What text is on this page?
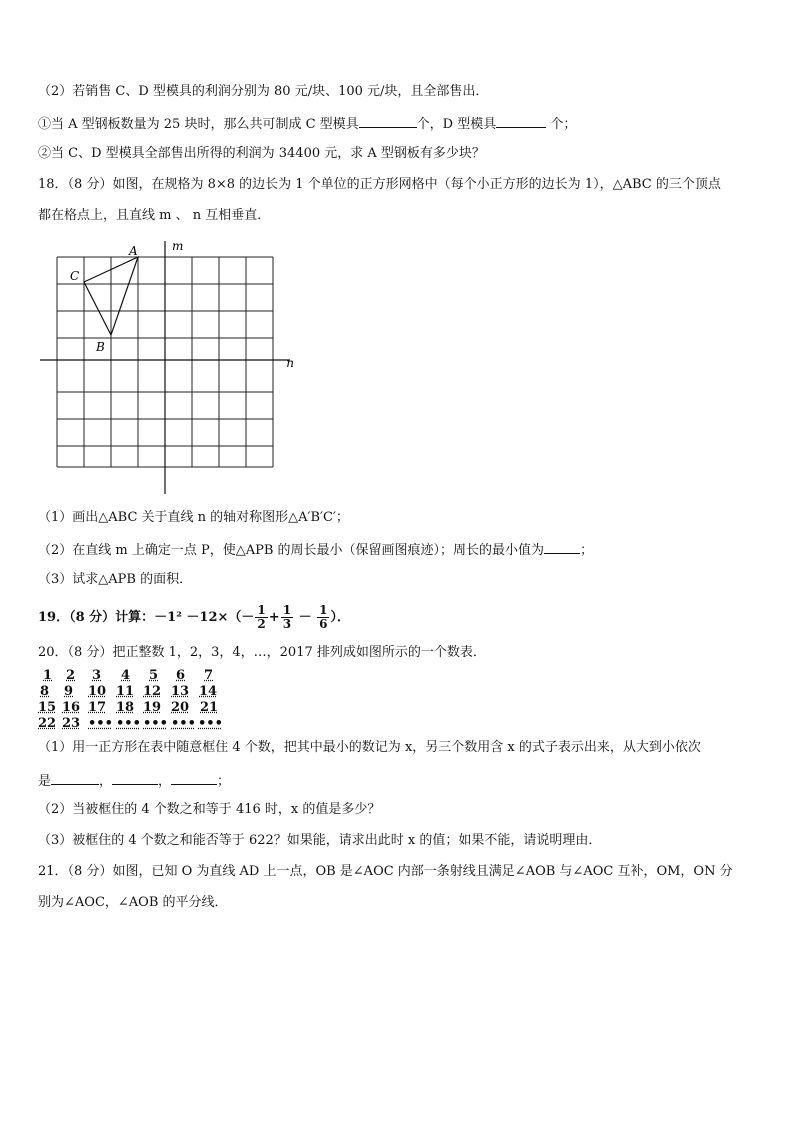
（2）若销售 C、D 型模具的利润分别为 80 元/块、100 元/块，且全部售出．
①当 A 型钢板数量为 25 块时，那么共可制成 C 型模具	个，D 型模具	个；
②当 C、D 型模具全部售出所得的利润为 34400 元，求 A 型钢板有多少块？
18．（8 分）如图，在规格为 8×8 的边长为 1 个单位的正方形网格中（每个小正方形的边长为 1），△ABC 的三个顶点
都在格点上，且直线 m 、 n 互相垂直．
m
n
A
C
B
（1）画出△ABC 关于直线 n 的轴对称图形△A′B′C′；
（2）在直线 m 上确定一点 P，使△APB 的周长最小（保留画图痕迹）；周长的最小值为	；
（3）试求△APB 的面积．
19．（8 分）计算：$-1^2 -12\times(- \frac{1}{2} + \frac{1}{3} - \frac{1}{6}$ ）．
20．（8 分）把正整数 1，2，3，4，…，2017 排列成如图所示的一个数表．
1 2 3 4 5 6 7
8 9 10 11 12 13 14
15 16 17 18 19 20 21
22 23 ••• ••• ••• ••• •••
（1）用一正方形在表中随意框住 4 个数，把其中最小的数记为 x，另三个数用含 x 的式子表示出来，从大到小依次
是	，	，	；
（2）当被框住的 4 个数之和等于 416 时，x 的值是多少？
（3）被框住的 4 个数之和能否等于 622？如果能，请求出此时 x 的值；如果不能，请说明理由．
21．（8 分）如图，已知 O 为直线 AD 上一点，OB 是∠AOC 内部一条射线且满足∠AOB 与∠AOC 互补，OM，ON 分
别为∠AOC，∠AOB 的平分线．
